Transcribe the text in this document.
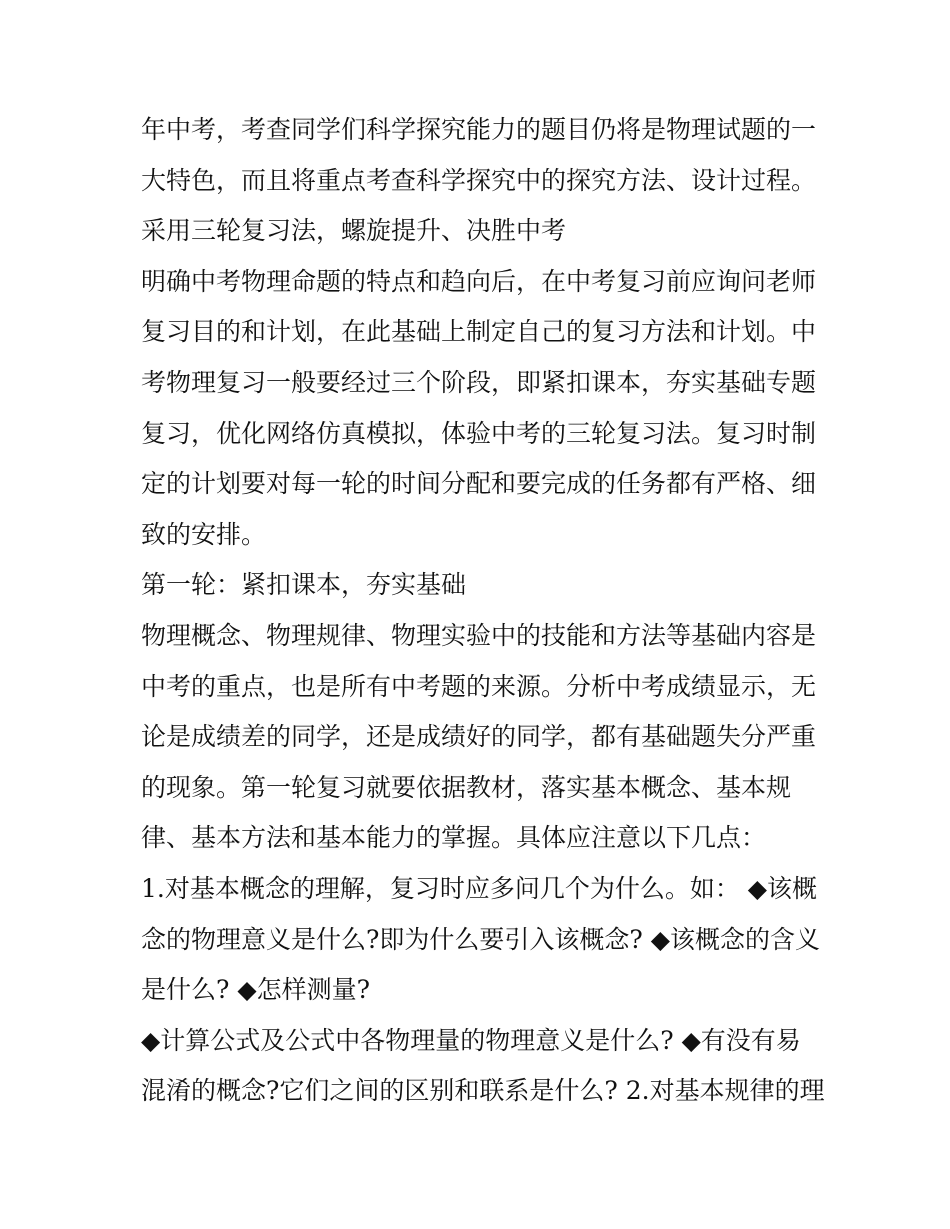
年中考，考查同学们科学探究能力的题目仍将是物理试题的一
大特色，而且将重点考查科学探究中的探究方法、设计过程。
采用三轮复习法，螺旋提升、决胜中考
明确中考物理命题的特点和趋向后，在中考复习前应询问老师
复习目的和计划，在此基础上制定自己的复习方法和计划。中
考物理复习一般要经过三个阶段，即紧扣课本，夯实基础专题
复习，优化网络仿真模拟，体验中考的三轮复习法。复习时制
定的计划要对每一轮的时间分配和要完成的任务都有严格、细
致的安排。
第一轮：紧扣课本，夯实基础
物理概念、物理规律、物理实验中的技能和方法等基础内容是
中考的重点，也是所有中考题的来源。分析中考成绩显示，无
论是成绩差的同学，还是成绩好的同学，都有基础题失分严重
的现象。第一轮复习就要依据教材，落实基本概念、基本规
律、基本方法和基本能力的掌握。具体应注意以下几点：
1.对基本概念的理解，复习时应多问几个为什么。如： ◆该概
念的物理意义是什么?即为什么要引入该概念? ◆该概念的含义
是什么? ◆怎样测量?
◆计算公式及公式中各物理量的物理意义是什么? ◆有没有易
混淆的概念?它们之间的区别和联系是什么? 2.对基本规律的理
